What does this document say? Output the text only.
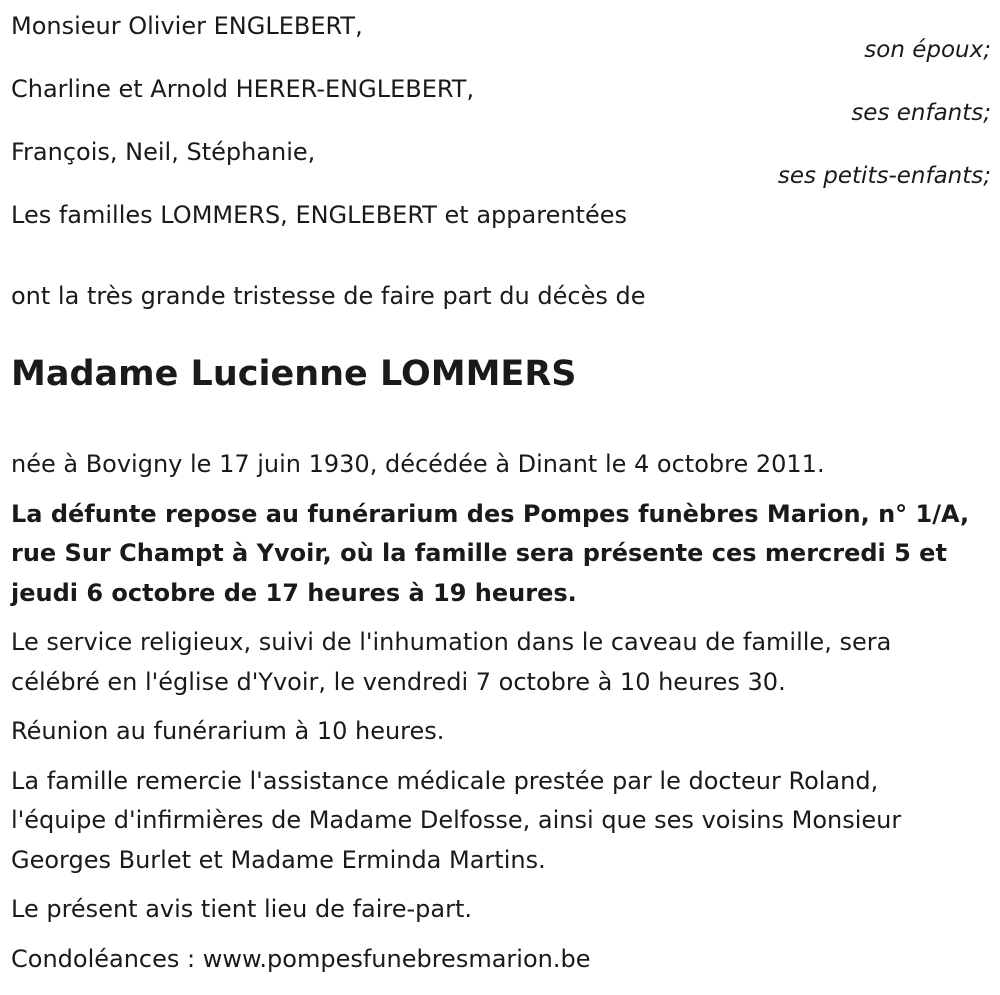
Monsieur Olivier ENGLEBERT,
son époux;
Charline et Arnold HERER-ENGLEBERT,
ses enfants;
François, Neil, Stéphanie,
ses petits-enfants;
Les familles LOMMERS, ENGLEBERT et apparentées
ont la très grande tristesse de faire part du décès de
Madame Lucienne LOMMERS

née à Bovigny le 17 juin 1930, décédée à Dinant le 4 octobre 2011.

La défunte repose au funérarium des Pompes funèbres Marion, n° 1/A,
rue Sur Champt à Yvoir, où la famille sera présente ces mercredi 5 et
jeudi 6 octobre de 17 heures à 19 heures.

Le service religieux, suivi de l'inhumation dans le caveau de famille, sera
célébré en l'église d'Yvoir, le vendredi 7 octobre à 10 heures 30.

Réunion au funérarium à 10 heures.

La famille remercie l'assistance médicale prestée par le docteur Roland,
l'équipe d'infirmières de Madame Delfosse, ainsi que ses voisins Monsieur
Georges Burlet et Madame Erminda Martins.

Le présent avis tient lieu de faire-part.

Condoléances : www.pompesfunebresmarion.be
